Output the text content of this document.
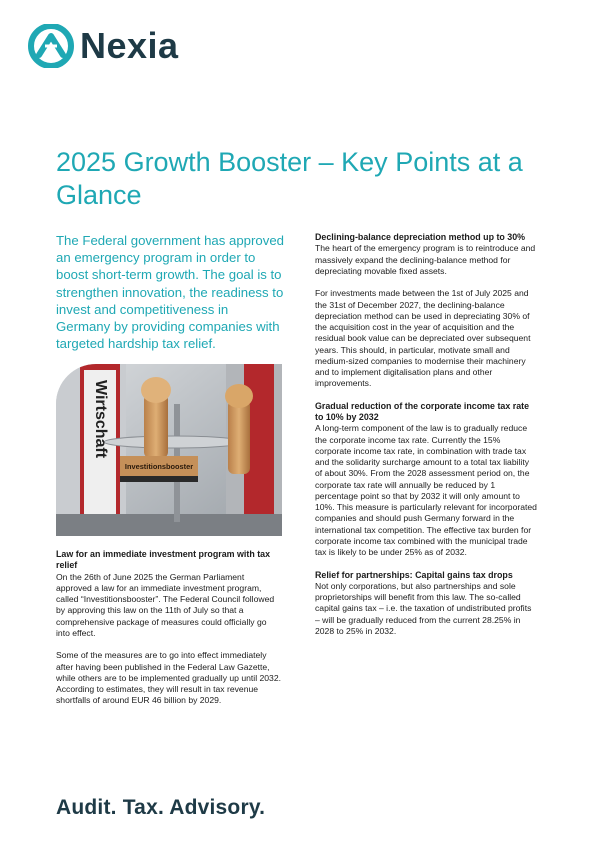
Nexia
2025 Growth Booster – Key Points at a Glance

The Federal government has approved an emergency program in order to boost short-term growth. The goal is to strengthen innovation, the readiness to invest and competitiveness in Germany by providing companies with targeted hardship tax relief.

Wirtschaft
Investitionsbooster
Law for an immediate investment program with tax relief

On the 26th of June 2025 the German Parliament approved a law for an immediate investment program, called “Investitionsbooster”. The Federal Council followed by approving this law on the 11th of July so that a comprehensive package of measures could officially go into effect.

Some of the measures are to go into effect immediately after having been published in the Federal Law Gazette, while others are to be implemented gradually up until 2032. According to estimates, they will result in tax revenue shortfalls of around EUR 46 billion by 2029.

Declining-balance depreciation method up to 30%

The heart of the emergency program is to reintroduce and massively expand the declining-balance method for depreciating movable fixed assets.

For investments made between the 1st of July 2025 and the 31st of December 2027, the declining-balance depreciation method can be used in depreciating 30% of the acquisition cost in the year of acquisition and the residual book value can be depreciated over subsequent years. This should, in particular, motivate small and medium-sized companies to modernise their machinery and to implement digitalisation plans and other improvements.

Gradual reduction of the corporate income tax rate to 10% by 2032

A long-term component of the law is to gradually reduce the corporate income tax rate. Currently the 15% corporate income tax rate, in combination with trade tax and the solidarity surcharge amount to a total tax liability of about 30%. From the 2028 assessment period on, the corporate tax rate will annually be reduced by 1 percentage point so that by 2032 it will only amount to 10%. This measure is particularly relevant for incorporated companies and should push Germany forward in the international tax competition. The effective tax burden for corporate income tax combined with the municipal trade tax is likely to be under 25% as of 2032.

Relief for partnerships: Capital gains tax drops

Not only corporations, but also partnerships and sole proprietorships will benefit from this law. The so-called capital gains tax – i.e. the taxation of undistributed profits – will be gradually reduced from the current 28.25% in 2028 to 25% in 2032.

Audit. Tax. Advisory.
